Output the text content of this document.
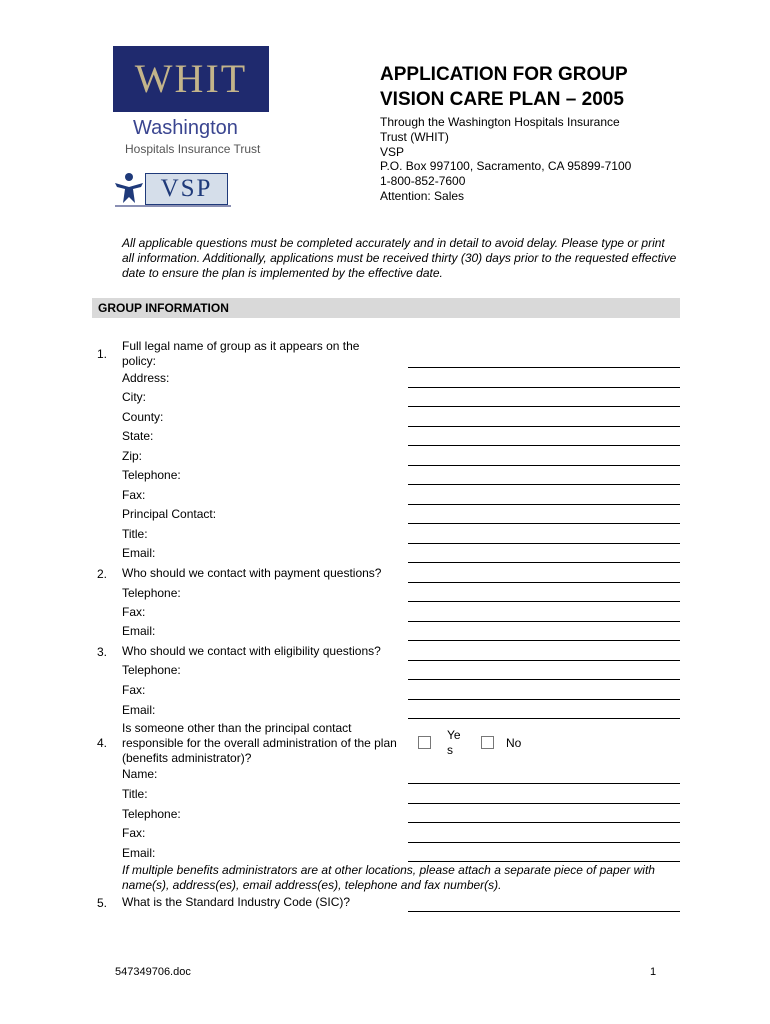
WHIT
Washington
Hospitals Insurance Trust
VSP
APPLICATION FOR GROUP
VISION CARE PLAN – 2005
Through the Washington Hospitals Insurance
Trust (WHIT)
VSP
P.O. Box 997100, Sacramento, CA 95899-7100
1-800-852-7600
Attention: Sales
All applicable questions must be completed accurately and in detail to avoid delay. Please type or print all information. Additionally, applications must be received thirty (30) days prior to the requested effective date to ensure the plan is implemented by the effective date.
GROUP INFORMATION
1.
Full legal name of group as it appears on the policy:
Address:
City:
County:
State:
Zip:
Telephone:
Fax:
Principal Contact:
Title:
Email:
2. Who should we contact with payment questions?
Telephone:
Fax:
Email:
3. Who should we contact with eligibility questions?
Telephone:
Fax:
Email:
4.
Is someone other than the principal contact responsible for the overall administration of the plan (benefits administrator)?
Ye s	No
Name:
Title:
Telephone:
Fax:
Email:
If multiple benefits administrators are at other locations, please attach a separate piece of paper with name(s), address(es), email address(es), telephone and fax number(s).
5. What is the Standard Industry Code (SIC)?
547349706.doc	1
